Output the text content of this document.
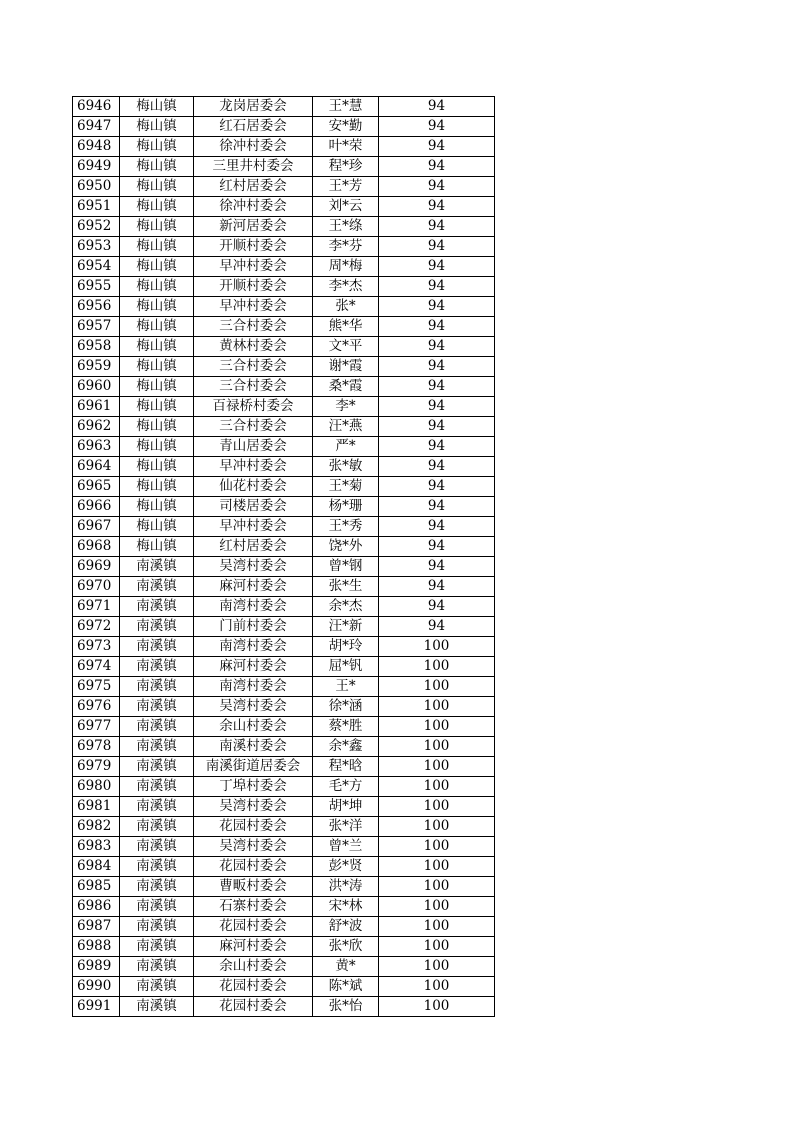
6946	梅山镇	龙岗居委会	王*慧	94
6947	梅山镇	红石居委会	安*勤	94
6948	梅山镇	徐冲村委会	叶*荣	94
6949	梅山镇	三里井村委会	程*珍	94
6950	梅山镇	红村居委会	王*芳	94
6951	梅山镇	徐冲村委会	刘*云	94
6952	梅山镇	新河居委会	王*绦	94
6953	梅山镇	开顺村委会	李*芬	94
6954	梅山镇	早冲村委会	周*梅	94
6955	梅山镇	开顺村委会	李*杰	94
6956	梅山镇	早冲村委会	张*	94
6957	梅山镇	三合村委会	熊*华	94
6958	梅山镇	黄林村委会	文*平	94
6959	梅山镇	三合村委会	谢*霞	94
6960	梅山镇	三合村委会	桑*霞	94
6961	梅山镇	百禄桥村委会	李*	94
6962	梅山镇	三合村委会	汪*燕	94
6963	梅山镇	青山居委会	严*	94
6964	梅山镇	早冲村委会	张*敏	94
6965	梅山镇	仙花村委会	王*菊	94
6966	梅山镇	司楼居委会	杨*珊	94
6967	梅山镇	早冲村委会	王*秀	94
6968	梅山镇	红村居委会	饶*外	94
6969	南溪镇	吴湾村委会	曾*钢	94
6970	南溪镇	麻河村委会	张*生	94
6971	南溪镇	南湾村委会	余*杰	94
6972	南溪镇	门前村委会	汪*新	94
6973	南溪镇	南湾村委会	胡*玲	100
6974	南溪镇	麻河村委会	屈*钒	100
6975	南溪镇	南湾村委会	王*	100
6976	南溪镇	吴湾村委会	徐*涵	100
6977	南溪镇	余山村委会	蔡*胜	100
6978	南溪镇	南溪村委会	余*鑫	100
6979	南溪镇	南溪街道居委会	程*晗	100
6980	南溪镇	丁埠村委会	毛*方	100
6981	南溪镇	吴湾村委会	胡*坤	100
6982	南溪镇	花园村委会	张*洋	100
6983	南溪镇	吴湾村委会	曾*兰	100
6984	南溪镇	花园村委会	彭*贤	100
6985	南溪镇	曹畈村委会	洪*涛	100
6986	南溪镇	石寨村委会	宋*林	100
6987	南溪镇	花园村委会	舒*波	100
6988	南溪镇	麻河村委会	张*欣	100
6989	南溪镇	余山村委会	黄*	100
6990	南溪镇	花园村委会	陈*斌	100
6991	南溪镇	花园村委会	张*怡	100
